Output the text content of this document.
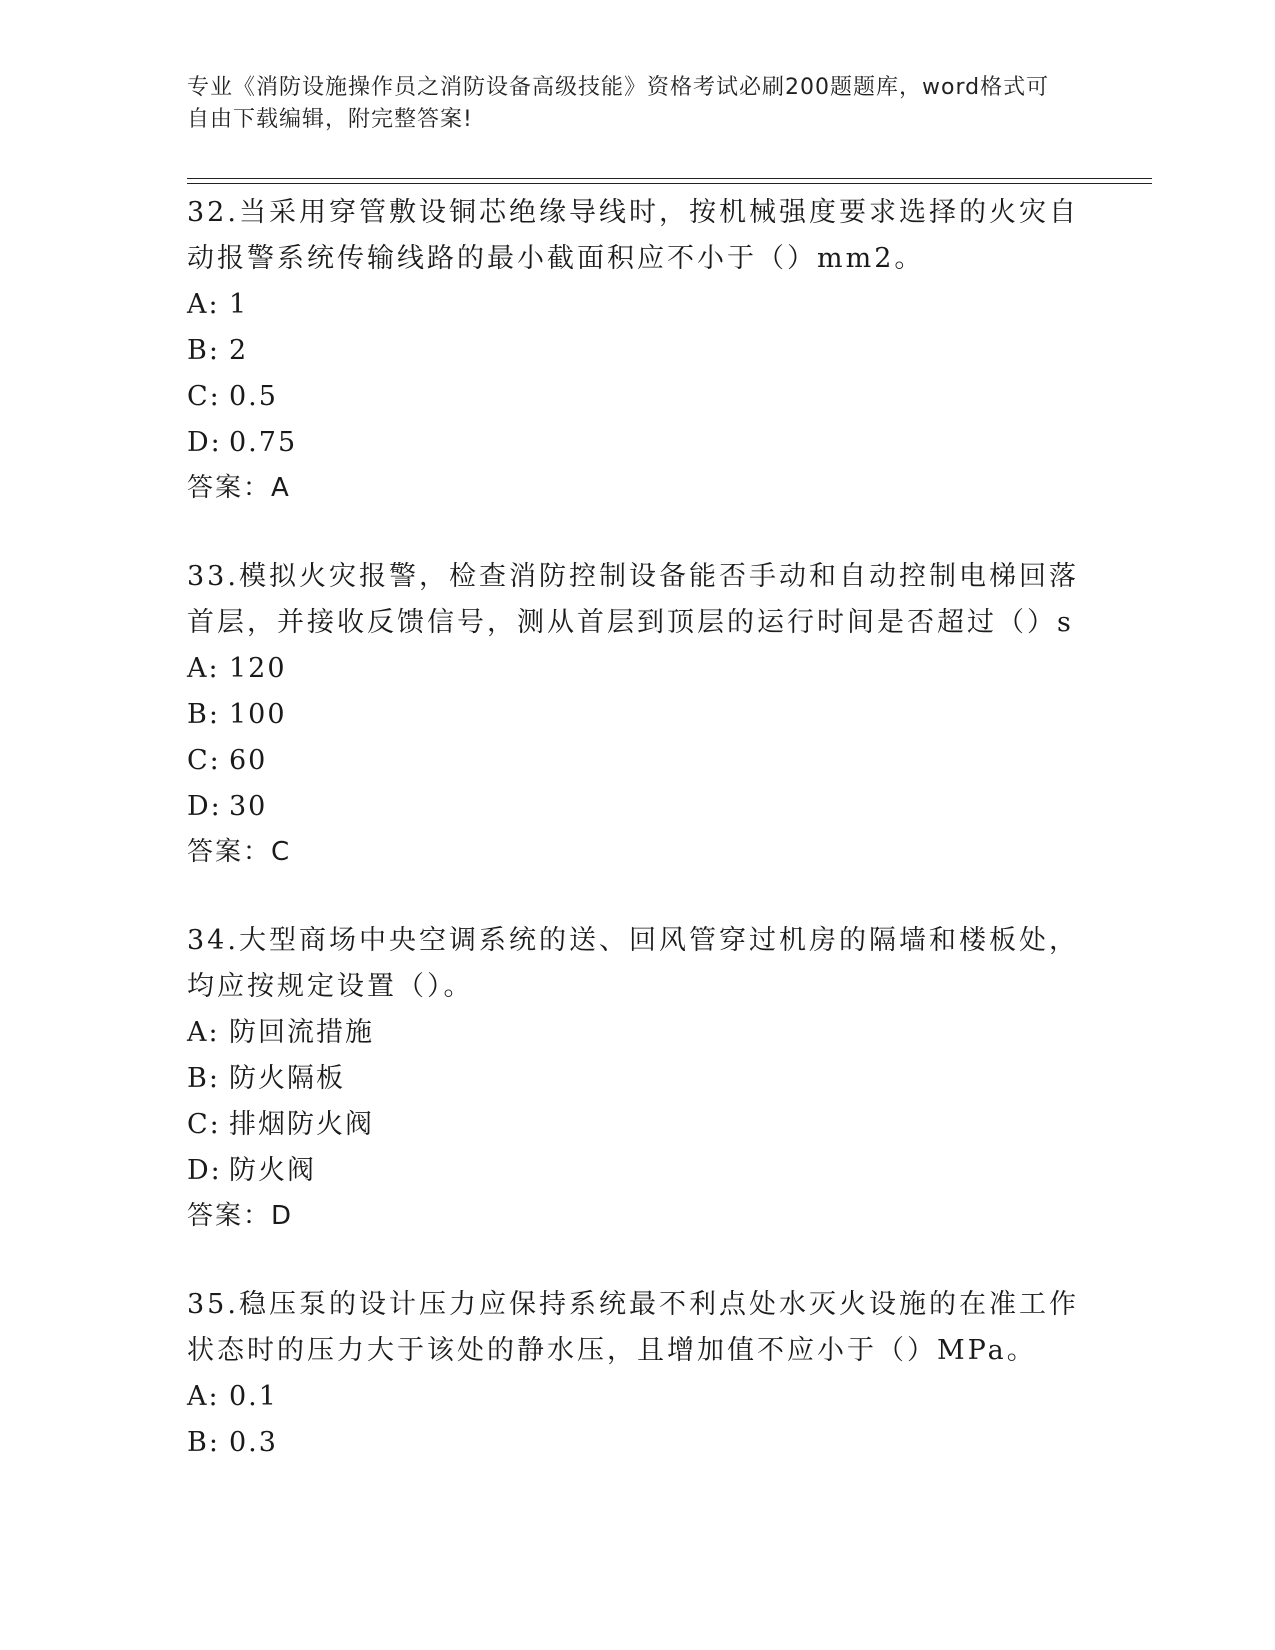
专业《消防设施操作员之消防设备高级技能》资格考试必刷200题题库，word格式可自由下载编辑，附完整答案!

32.当采用穿管敷设铜芯绝缘导线时，按机械强度要求选择的火灾自动报警系统传输线路的最小截面积应不小于（）mm2。

A: 1
B: 2
C: 0.5
D: 0.75
答案： A

33.模拟火灾报警，检查消防控制设备能否手动和自动控制电梯回落首层，并接收反馈信号，测从首层到顶层的运行时间是否超过（）s

A: 120
B: 100
C: 60
D: 30
答案： C

34.大型商场中央空调系统的送、回风管穿过机房的隔墙和楼板处，均应按规定设置（）。

A: 防回流措施
B: 防火隔板
C: 排烟防火阀
D: 防火阀
答案： D

35.稳压泵的设计压力应保持系统最不利点处水灭火设施的在准工作状态时的压力大于该处的静水压，且增加值不应小于（）MPa。

A: 0.1
B: 0.3
